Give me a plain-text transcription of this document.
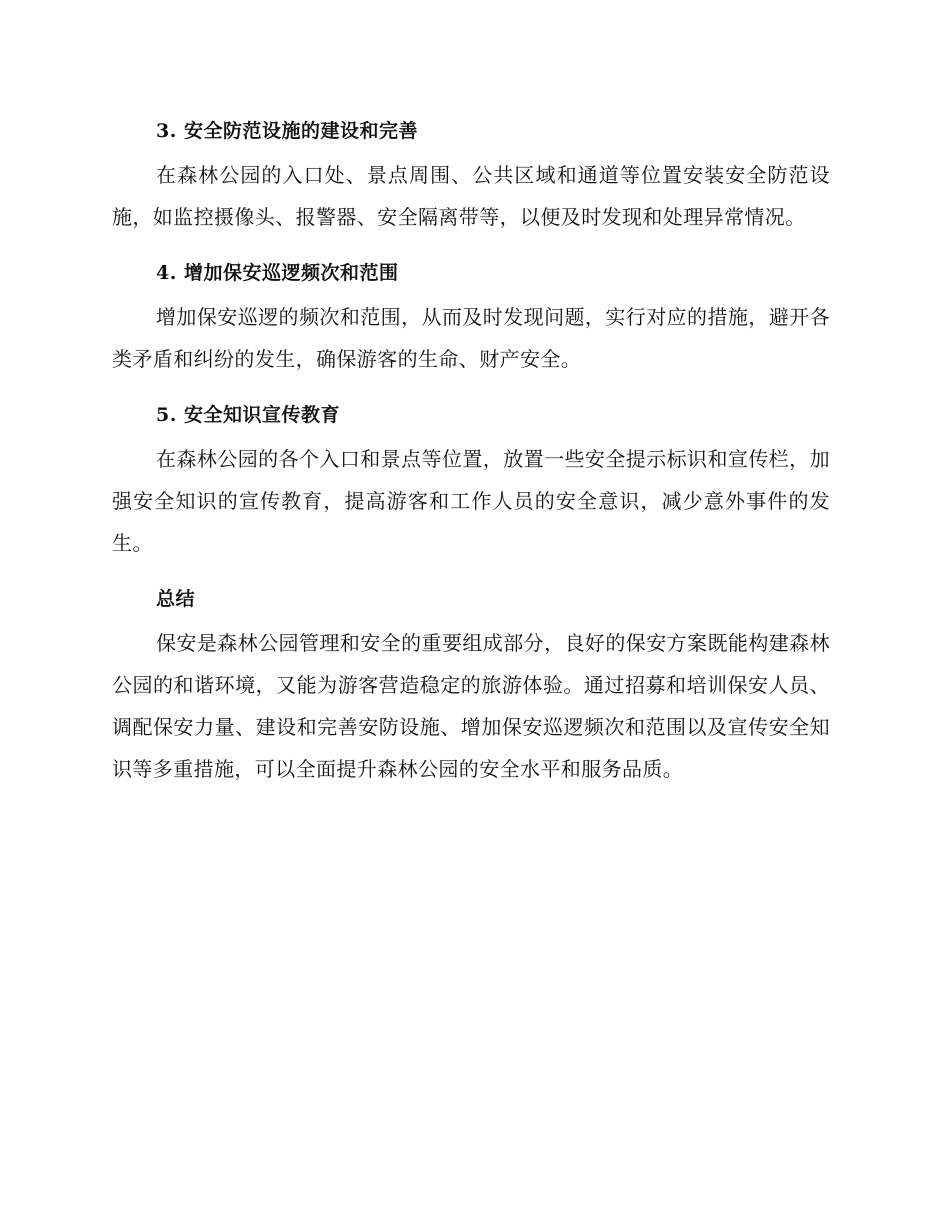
3. 安全防范设施的建设和完善

在森林公园的入口处、景点周围、公共区域和通道等位置安装安全防范设施，如监控摄像头、报警器、安全隔离带等，以便及时发现和处理异常情况。

4. 增加保安巡逻频次和范围

增加保安巡逻的频次和范围，从而及时发现问题，实行对应的措施，避开各类矛盾和纠纷的发生，确保游客的生命、财产安全。

5. 安全知识宣传教育

在森林公园的各个入口和景点等位置，放置一些安全提示标识和宣传栏，加强安全知识的宣传教育，提高游客和工作人员的安全意识，减少意外事件的发生。

总结

保安是森林公园管理和安全的重要组成部分，良好的保安方案既能构建森林公园的和谐环境，又能为游客营造稳定的旅游体验。通过招募和培训保安人员、调配保安力量、建设和完善安防设施、增加保安巡逻频次和范围以及宣传安全知识等多重措施，可以全面提升森林公园的安全水平和服务品质。
